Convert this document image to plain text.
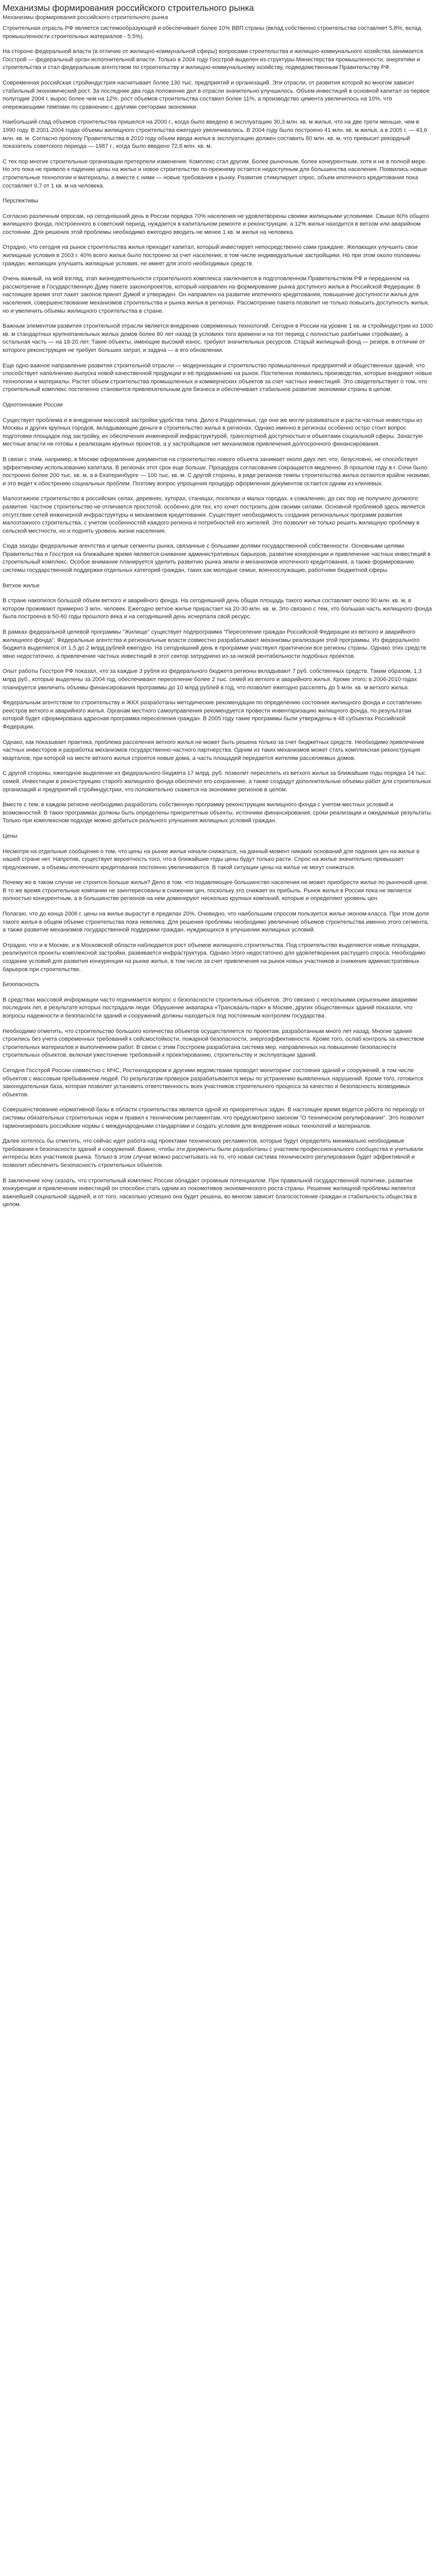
Механизмы формирования российского строительного рынка
Механизмы формирования российского строительного рынка

Строительная отрасль РФ является системообразующей и обеспечивает более 10% ВВП страны (вклад собственно строительства составляет 5,8%, вклад промышленности строительных материалов - 5,5%).

На стороне федеральной власти (в отличие от жилищно-коммунальной сферы) вопросами строительства и жилищно-коммунального хозяйства занимается Госстрой — федеральный орган исполнительной власти. Только в 2004 году Госстрой выделен из структуры Министерства промышленности, энергетики и строительства и стал федеральным агентством по строительству и жилищно-коммунальному хозяйству, подведомственным Правительству РФ.

Современная российская стройиндустрия насчитывает более 130 тыс. предприятий и организаций. Эти отрасли, от развития которой во многом зависит стабильный экономический рост. За последние два года положение дел в отрасли значительно улучшилось. Объем инвестиций в основной капитал за первое полугодие 2004 г. вырос более чем на 12%, рост объемов строительства составил более 11%, а производство цемента увеличилось на 10%, что опережающими темпами по сравнению с другими секторами экономики.

Наибольший спад объемов строительства пришелся на 2000 г., когда было введено в эксплуатацию 30,3 млн. кв. м жилья, что на две трети меньше, чем в 1990 году. В 2001-2004 годах объемы жилищного строительства ежегодно увеличивались. В 2004 году было построено 41 млн. кв. м жилья, а в 2005 г. — 43,6 млн. кв. м. Согласно прогнозу Правительства в 2010 году объем ввода жилья в эксплуатацию должен составить 80 млн. кв. м, что превысит рекордный показатель советского периода — 1987 г., когда было введено 72,8 млн. кв. м.

С тех пор многие строительные организации претерпели изменения. Комплекс стал другим. Более рыночным, более конкурентным, хотя и не в полной мере. Но это пока не привело к падению цены на жилье и новое строительство по-прежнему остается недоступным для большинства населения. Появились новые строительные технологии и материалы, а вместе с ними — новые требования к рынку. Развитие стимулирует спрос, объем ипотечного кредитования пока составляет 0,7 от 1 кв. м на человека.

Перспективы

Согласно различным опросам, на сегодняшний день в России порядка 70% населения не удовлетворены своими жилищными условиями. Свыше 60% общего жилищного фонда, построенного в советский период, нуждается в капитальном ремонте и реконструкции, а 12% жилья находится в ветхом или аварийном состоянии. Для решения этой проблемы необходимо ежегодно вводить не менее 1 кв. м жилья на человека.

Отрадно, что сегодня на рынок строительства жилья приходит капитал, который инвестирует непосредственно сами граждане. Желающих улучшить свои жилищные условия в 2003 г. 40% всего жилья было построено за счет населения, в том числе индивидуальные застройщики. Но при этом около половины граждан, желающих улучшить жилищные условия, не имеет для этого необходимых средств.

Очень важный, на мой взгляд, этап жизнедеятельности строительного комплекса заключается в подготовленном Правительством РФ и переданном на рассмотрение в Государственную Думу пакете законопроектов, который направлен на формирование рынка доступного жилья в Российской Федерации. В настоящее время этот пакет законов принят Думой и утвержден. Он направлен на развитие ипотечного кредитования, повышение доступности жилья для населения, совершенствование механизмов строительства и рынка жилья в регионах. Рассмотрение пакета позволит не только повысить доступность жилья, но и увеличить объемы жилищного строительства в стране.

Важным элементом развития строительной отрасли является внедрение современных технологий. Сегодня в России на уровне 1 кв. м стройиндустрии из 1000 кв. м стандартных крупнопанельных жилых домов более 80 лет назад (в условиях того времени и на тот период с полностью разбитыми стройками), а остальная часть — на 18-20 лет. Такие объекты, имеющие высокий износ, требуют значительных ресурсов. Старый жилищный фонд — резерв, в отличие от которого реконструкция не требует больших затрат, и задача — в его обновлении.

Еще одно важное направление развития строительной отрасли — модернизация и строительство промышленных предприятий и общественных зданий, что способствует наполнению выпуска новой качественной продукции и её продвижению на рынок. Постепенно появились производства, которые внедряют новые технологии и материалы. Растет объем строительства промышленных и коммерческих объектов за счет частных инвестиций. Это свидетельствует о том, что строительный комплекс постепенно становится привлекательным для бизнеса и обеспечивает стабильное развитие экономики страны в целом.

Однотоннажие России

Существует проблема и в внедрении массовой застройки удобства типа. Дело в Разделенных, где они же могли развиваться и расти частные инвесторы из Москвы и других крупных городов, вкладывающие деньги в строительство жилья в регионах. Однако именно в регионах особенно остро стоит вопрос подготовки площадок под застройку, их обеспечения инженерной инфраструктурой, транспортной доступностью и объектами социальной сферы. Зачастую местные власти не готовы к реализации крупных проектов, а у застройщиков нет механизмов привлечения долгосрочного финансирования.

В связи с этим, например, в Москве оформление документов на строительство нового объекта занимает около двух лет, что, безусловно, не способствует эффективному использованию капитала. В регионах этот срок еще больше. Процедура согласования сокращается медленно. В прошлом году в г. Сочи было построено более 200 тыс. кв. м, а в Екатеринбурге — 100 тыс. кв. м. С другой стороны, в ряде регионов темпы строительства жилья остаются крайне низкими, и это ведет к обострению социальных проблем. Поэтому вопрос упрощения процедур оформления документов остается одним из ключевых.

Малоэтажное строительство в российских селах, деревнях, хуторах, станицах, поселках и малых городах, к сожалению, до сих пор не получило должного развития. Частное строительство не отличается простотой, особенно для тех, кто хочет построить дом своими силами. Основной проблемой здесь является отсутствие сетей инженерной инфраструктуры и механизмов кредитования. Существует необходимость создания региональных программ развития малоэтажного строительства, с учетом особенностей каждого региона и потребностей его жителей. Это позволит не только решить жилищную проблему в сельской местности, но и поднять уровень жизни населения.

Сюда заходы федеральные агентства и целые сегменты рынка, связанные с большими долями государственной собственности. Основными целями Правительства и Госстроя на ближайшее время являются снижение административных барьеров, развитие конкуренции и привлечение частных инвестиций в строительный комплекс. Особое внимание планируется уделить развитию рынка земли и механизмов ипотечного кредитования, а также формированию системы государственной поддержки отдельных категорий граждан, таких как молодые семьи, военнослужащие, работники бюджетной сферы.

Ветхое жилье

В стране накопился большой объем ветхого и аварийного фонда. На сегодняшний день общая площадь такого жилья составляет около 90 млн. кв. м, в котором проживают примерно 3 млн. человек. Ежегодно ветхое жилье прирастает на 20-30 млн. кв. м. Это связано с тем, что большая часть жилищного фонда была построена в 50-60 годы прошлого века и на сегодняшний день исчерпала свой ресурс.

В рамках федеральной целевой программы "Жилище" существует подпрограмма "Переселение граждан Российской Федерации из ветхого и аварийного жилищного фонда". Федеральные агентства и региональные власти совместно разрабатывают механизмы реализации этой программы. Из федерального бюджета выделяется от 1,5 до 2 млрд рублей ежегодно. На сегодняшний день в программе участвуют практически все регионы страны. Однако этих средств явно недостаточно, а привлечение частных инвестиций в этот сектор затруднено из-за низкой рентабельности подобных проектов.

Опыт работы Госстроя РФ показал, что за каждые 3 рубля из федерального бюджета регионы вкладывают 7 руб. собственных средств. Таким образом, 1,3 млрд руб., которые выделены за 2004 год, обеспечивают переселение более 2 тыс. семей из ветхого и аварийного жилья. Кроме этого, в 2006-2010 годах планируется увеличить объемы финансирования программы до 10 млрд рублей в год, что позволит ежегодно расселять до 5 млн. кв. м ветхого жилья.

Федеральным агентством по строительству и ЖКХ разработаны методические рекомендации по определению состояния жилищного фонда и составлению реестров ветхого и аварийного жилья. Органам местного самоуправления рекомендуется провести инвентаризацию жилищного фонда, по результатам которой будет сформирована адресная программа переселения граждан. В 2005 году такие программы были утверждены в 48 субъектах Российской Федерации.

Однако, как показывает практика, проблема расселения ветхого жилья не может быть решена только за счет бюджетных средств. Необходимо привлечение частных инвесторов и разработка механизмов государственно-частного партнерства. Одним из таких механизмов может стать комплексная реконструкция кварталов, при которой на месте ветхого жилья строятся новые дома, а часть площадей передается жителям расселяемых домов.

С другой стороны, ежегодное выделение из федерального бюджета 17 млрд. руб. позволит переселить из ветхого жилья за ближайшие годы порядка 14 тыс. семей. Инвестиции в реконструкцию старого жилищного фонда обеспечат его сохранение, а также создадут дополнительные объемы работ для строительных организаций и предприятий стройиндустрии, что положительно скажется на экономике регионов в целом.

Вместе с тем, в каждом регионе необходимо разработать собственную программу реконструкции жилищного фонда с учетом местных условий и возможностей. В таких программах должны быть определены приоритетные объекты, источники финансирования, сроки реализации и ожидаемые результаты. Только при комплексном подходе можно добиться реального улучшения жилищных условий граждан.

Цены

Несмотря на отдельные сообщения о том, что цены на рынке жилья начали снижаться, на данный момент никаких оснований для падения цен на жилье в нашей стране нет. Напротив, существует вероятность того, что в ближайшие годы цены будут только расти. Спрос на жилье значительно превышает предложение, а объемы ипотечного кредитования постоянно увеличиваются. В такой ситуации цены на жилье не могут снижаться.

Почему же в таком случае не строится больше жилья? Дело в том, что подавляющее большинство населения не может приобрести жилье по рыночной цене. В то же время строительные компании не заинтересованы в снижении цен, поскольку это снижает их прибыль. Рынок жилья в России пока не является полностью конкурентным, а в большинстве регионов на нем доминируют несколько крупных компаний, которые и определяют уровень цен.

Полагаю, что до конца 2006 г. цены на жилье вырастут в пределах 20%. Очевидно, что наибольшим спросом пользуется жилье эконом-класса. При этом доля такого жилья в общем объеме строительства пока невелика. Для решения проблемы необходимо увеличение объемов строительства именно этого сегмента, а также развитие механизмов государственной поддержки граждан, нуждающихся в улучшении жилищных условий.

Отрадно, что и в Москве, и в Московской области наблюдается рост объемов жилищного строительства. Под строительство выделяются новые площадки, реализуются проекты комплексной застройки, развивается инфраструктура. Однако этого недостаточно для удовлетворения растущего спроса. Необходимо создание условий для развития конкуренции на рынке жилья, в том числе за счет привлечения на рынок новых участников и снижения административных барьеров при строительстве.

Безопасность

В средствах массовой информации часто поднимается вопрос о безопасности строительных объектов. Это связано с несколькими серьезными авариями последних лет, в результате которых пострадали люди. Обрушение аквапарка «Трансвааль-парк» в Москве, других общественных зданий показали, что вопросы надежности и безопасности зданий и сооружений должны находиться под постоянным контролем государства.

Необходимо отметить, что строительство большого количества объектов осуществляется по проектам, разработанным много лет назад. Многие здания строились без учета современных требований к сейсмостойкости, пожарной безопасности, энергоэффективности. Кроме того, ослаб контроль за качеством строительных материалов и выполнением работ. В связи с этим Госстроем разработана система мер, направленных на повышение безопасности строительных объектов, включая ужесточение требований к проектированию, строительству и эксплуатации зданий.

Сегодня Госстрой России совместно с МЧС, Ростехнадзором и другими ведомствами проводит мониторинг состояния зданий и сооружений, в том числе объектов с массовым пребыванием людей. По результатам проверок разрабатываются меры по устранению выявленных нарушений. Кроме того, готовится законодательная база, которая позволит установить ответственность всех участников строительного процесса за качество и безопасность возводимых объектов.

Совершенствование нормативной базы в области строительства является одной из приоритетных задач. В настоящее время ведется работа по переходу от системы обязательных строительных норм и правил к техническим регламентам, что предусмотрено законом "О техническом регулировании". Это позволит гармонизировать российские нормы с международными стандартами и создать условия для внедрения новых технологий и материалов.

Далее хотелось бы отметить, что сейчас идет работа над проектами технических регламентов, которые будут определять минимально необходимые требования к безопасности зданий и сооружений. Важно, чтобы эти документы были разработаны с участием профессионального сообщества и учитывали интересы всех участников рынка. Только в этом случае можно рассчитывать на то, что новая система технического регулирования будет эффективной и позволит обеспечить безопасность строительных объектов.

В заключение хочу сказать, что строительный комплекс России обладает огромным потенциалом. При правильной государственной политике, развитии конкуренции и привлечении инвестиций он способен стать одним из локомотивов экономического роста страны. Решение жилищной проблемы является важнейшей социальной задачей, и от того, насколько успешно она будет решена, во многом зависит благосостояние граждан и стабильность общества в целом.
